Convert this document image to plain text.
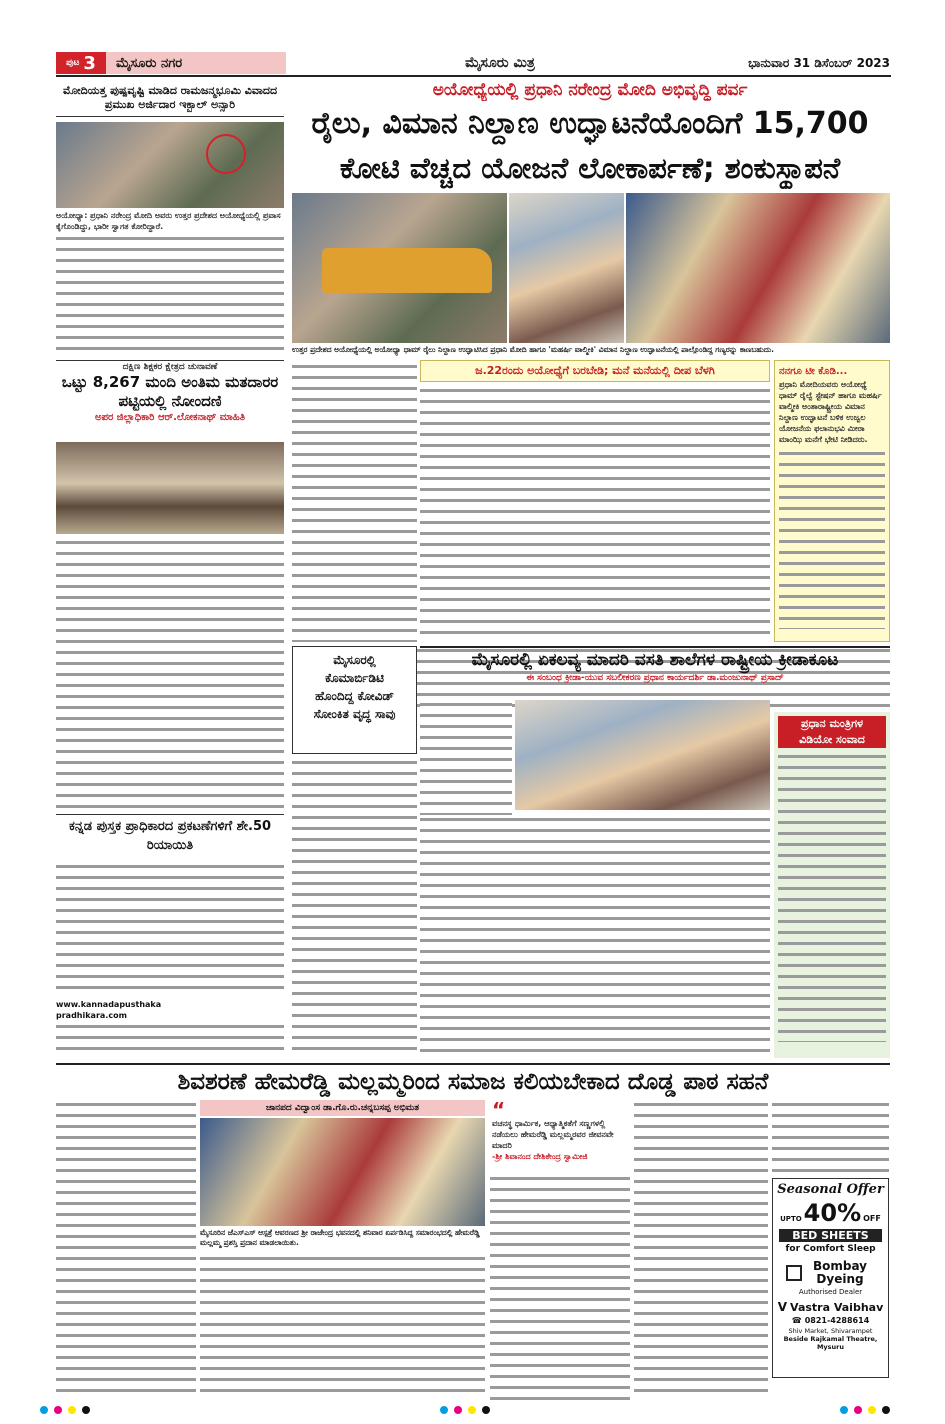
ಪುಟ 3	ಮೈಸೂರು ನಗರ	ಮೈಸೂರು ಮಿತ್ರ	ಭಾನುವಾರ 31 ಡಿಸೆಂಬರ್ 2023
ಮೋದಿಯತ್ತ ಪುಷ್ಪವೃಷ್ಟಿ ಮಾಡಿದ ರಾಮಜನ್ಮಭೂಮಿ ವಿವಾದದ ಪ್ರಮುಖ ಅರ್ಜಿದಾರ ಇಕ್ಬಾಲ್ ಅನ್ಸಾರಿ
ಅಯೋಧ್ಯಾ: ಪ್ರಧಾನಿ ನರೇಂದ್ರ ಮೋದಿ ಅವರು ಉತ್ತರ ಪ್ರದೇಶದ ಅಯೋಧ್ಯೆಯಲ್ಲಿ ಪ್ರವಾಸ ಕೈಗೊಂಡಿದ್ದು, ಭಾರೀ ಸ್ವಾಗತ ಕೋರಿದ್ದಾರೆ.
ಅಯೋಧ್ಯೆಯಲ್ಲಿ ಪ್ರಧಾನಿ ನರೇಂದ್ರ ಮೋದಿ ಅಭಿವೃದ್ಧಿ ಪರ್ವ
ರೈಲು, ವಿಮಾನ ನಿಲ್ದಾಣ ಉದ್ಘಾಟನೆಯೊಂದಿಗೆ 15,700
ಕೋಟಿ ವೆಚ್ಚದ ಯೋಜನೆ ಲೋಕಾರ್ಪಣೆ; ಶಂಕುಸ್ಥಾಪನೆ
ಉತ್ತರ ಪ್ರದೇಶದ ಅಯೋಧ್ಯೆಯಲ್ಲಿ ಅಯೋಧ್ಯಾ ಧಾಮ್ ರೈಲು ನಿಲ್ದಾಣ ಉದ್ಘಾಟಿಸಿದ ಪ್ರಧಾನಿ ಮೋದಿ ಹಾಗೂ 'ಮಹರ್ಷಿ ವಾಲ್ಮೀಕಿ' ವಿಮಾನ ನಿಲ್ದಾಣ ಉದ್ಘಾಟನೆಯಲ್ಲಿ ಪಾಲ್ಗೊಂಡಿದ್ದ ಗಣ್ಯರನ್ನು ಕಾಣಬಹುದು.
ದಕ್ಷಿಣ ಶಿಕ್ಷಕರ ಕ್ಷೇತ್ರದ ಚುನಾವಣೆ
ಒಟ್ಟು 8,267 ಮಂದಿ ಅಂತಿಮ ಮತದಾರರ ಪಟ್ಟಿಯಲ್ಲಿ ನೋಂದಣಿ
ಅಪರ ಜಿಲ್ಲಾಧಿಕಾರಿ ಆರ್.ಲೋಕನಾಥ್ ಮಾಹಿತಿ
ಕನ್ನಡ ಪುಸ್ತಕ ಪ್ರಾಧಿಕಾರದ ಪ್ರಕಟಣೆಗಳಿಗೆ ಶೇ.50 ರಿಯಾಯಿತಿ
www.kannadapusthakapradhikara.com
ಜ.22ರಂದು ಅಯೋಧ್ಯೆಗೆ ಬರಬೇಡಿ; ಮನೆ ಮನೆಯಲ್ಲಿ ದೀಪ ಬೆಳಗಿ	ನನಗೂ ಟೀ ಕೊಡಿ...
ಪ್ರಧಾನಿ ಮೋದಿಯವರು ಅಯೋಧ್ಯೆ ಧಾಮ್ ರೈಲ್ವೆ ಸ್ಟೇಷನ್ ಹಾಗೂ ಮಹರ್ಷಿ ವಾಲ್ಮೀಕಿ ಅಂತಾರಾಷ್ಟ್ರೀಯ ವಿಮಾನ ನಿಲ್ದಾಣ ಉದ್ಘಾಟನೆ ಬಳಿಕ ಉಜ್ವಲ ಯೋಜನೆಯ ಫಲಾನುಭವಿ ಮೀರಾ ಮಾಂಝಿ ಮನೆಗೆ ಭೇಟಿ ನೀಡಿದರು.
ಮೈಸೂರಲ್ಲಿ
ಕೊಮಾರ್ಬಿಡಿಟಿ
ಹೊಂದಿದ್ದ ಕೋವಿಡ್
ಸೋಂಕಿತ ವೃದ್ಧ ಸಾವು
ಮೈಸೂರಲ್ಲಿ ಏಕಲವ್ಯ ಮಾದರಿ ವಸತಿ ಶಾಲೆಗಳ ರಾಷ್ಟ್ರೀಯ ಕ್ರೀಡಾಕೂಟ
ಈ ಸಂಬಂಧ ಕ್ರೀಡಾ-ಯುವ ಸಬಲೀಕರಣ ಪ್ರಧಾನ ಕಾರ್ಯದರ್ಶಿ ಡಾ.ಮಂಜುನಾಥ್ ಪ್ರಸಾದ್
ಪ್ರಧಾನ ಮಂತ್ರಿಗಳ
ವಿಡಿಯೋ ಸಂವಾದ
ಶಿವಶರಣೆ ಹೇಮರೆಡ್ಡಿ ಮಲ್ಲಮ್ಮರಿಂದ ಸಮಾಜ ಕಲಿಯಬೇಕಾದ ದೊಡ್ಡ ಪಾಠ ಸಹನೆ
ಜಾನಪದ ವಿದ್ವಾಂಸ ಡಾ.ಗೊ.ರು.ಚನ್ನಬಸಪ್ಪ ಅಭಿಮತ
ಮೈಸೂರಿನ ಜೆಎಸ್‌ಎಸ್ ಆಸ್ಪತ್ರೆ ಆವರಣದ ಶ್ರೀ ರಾಜೇಂದ್ರ ಭವನದಲ್ಲಿ ಶನಿವಾರ ಏರ್ಪಡಿಸಿದ್ದ ಸಮಾರಂಭದಲ್ಲಿ ಹೇಮರೆಡ್ಡಿ ಮಲ್ಲಮ್ಮ ಪ್ರಶಸ್ತಿ ಪ್ರದಾನ ಮಾಡಲಾಯಿತು.
“
ವಚನಸ್ಥ ಧಾರ್ಮಿಕ, ಆಧ್ಯಾತ್ಮಿಕತೆಗೆ ಸಣ್ಣಗಳಲ್ಲಿ ನಡೆಯಲು ಹೇಮರೆಡ್ಡಿ ಮಲ್ಲಮ್ಮರವರ ಜೀವನವೇ ಮಾದರಿ
-ಶ್ರೀ ಶಿವಾನಂದ ದೇಶಿಕೇಂದ್ರ ಸ್ವಾಮೀಜಿ
Seasonal Offer
UPTO 40% OFF
BED SHEETS
for Comfort Sleep
Bombay Dyeing
Authorised Dealer
V Vastra Vaibhav
☎ 0821-4288614
Shiv Market, Shivarampet
Beside Rajkamal Theatre, Mysuru
